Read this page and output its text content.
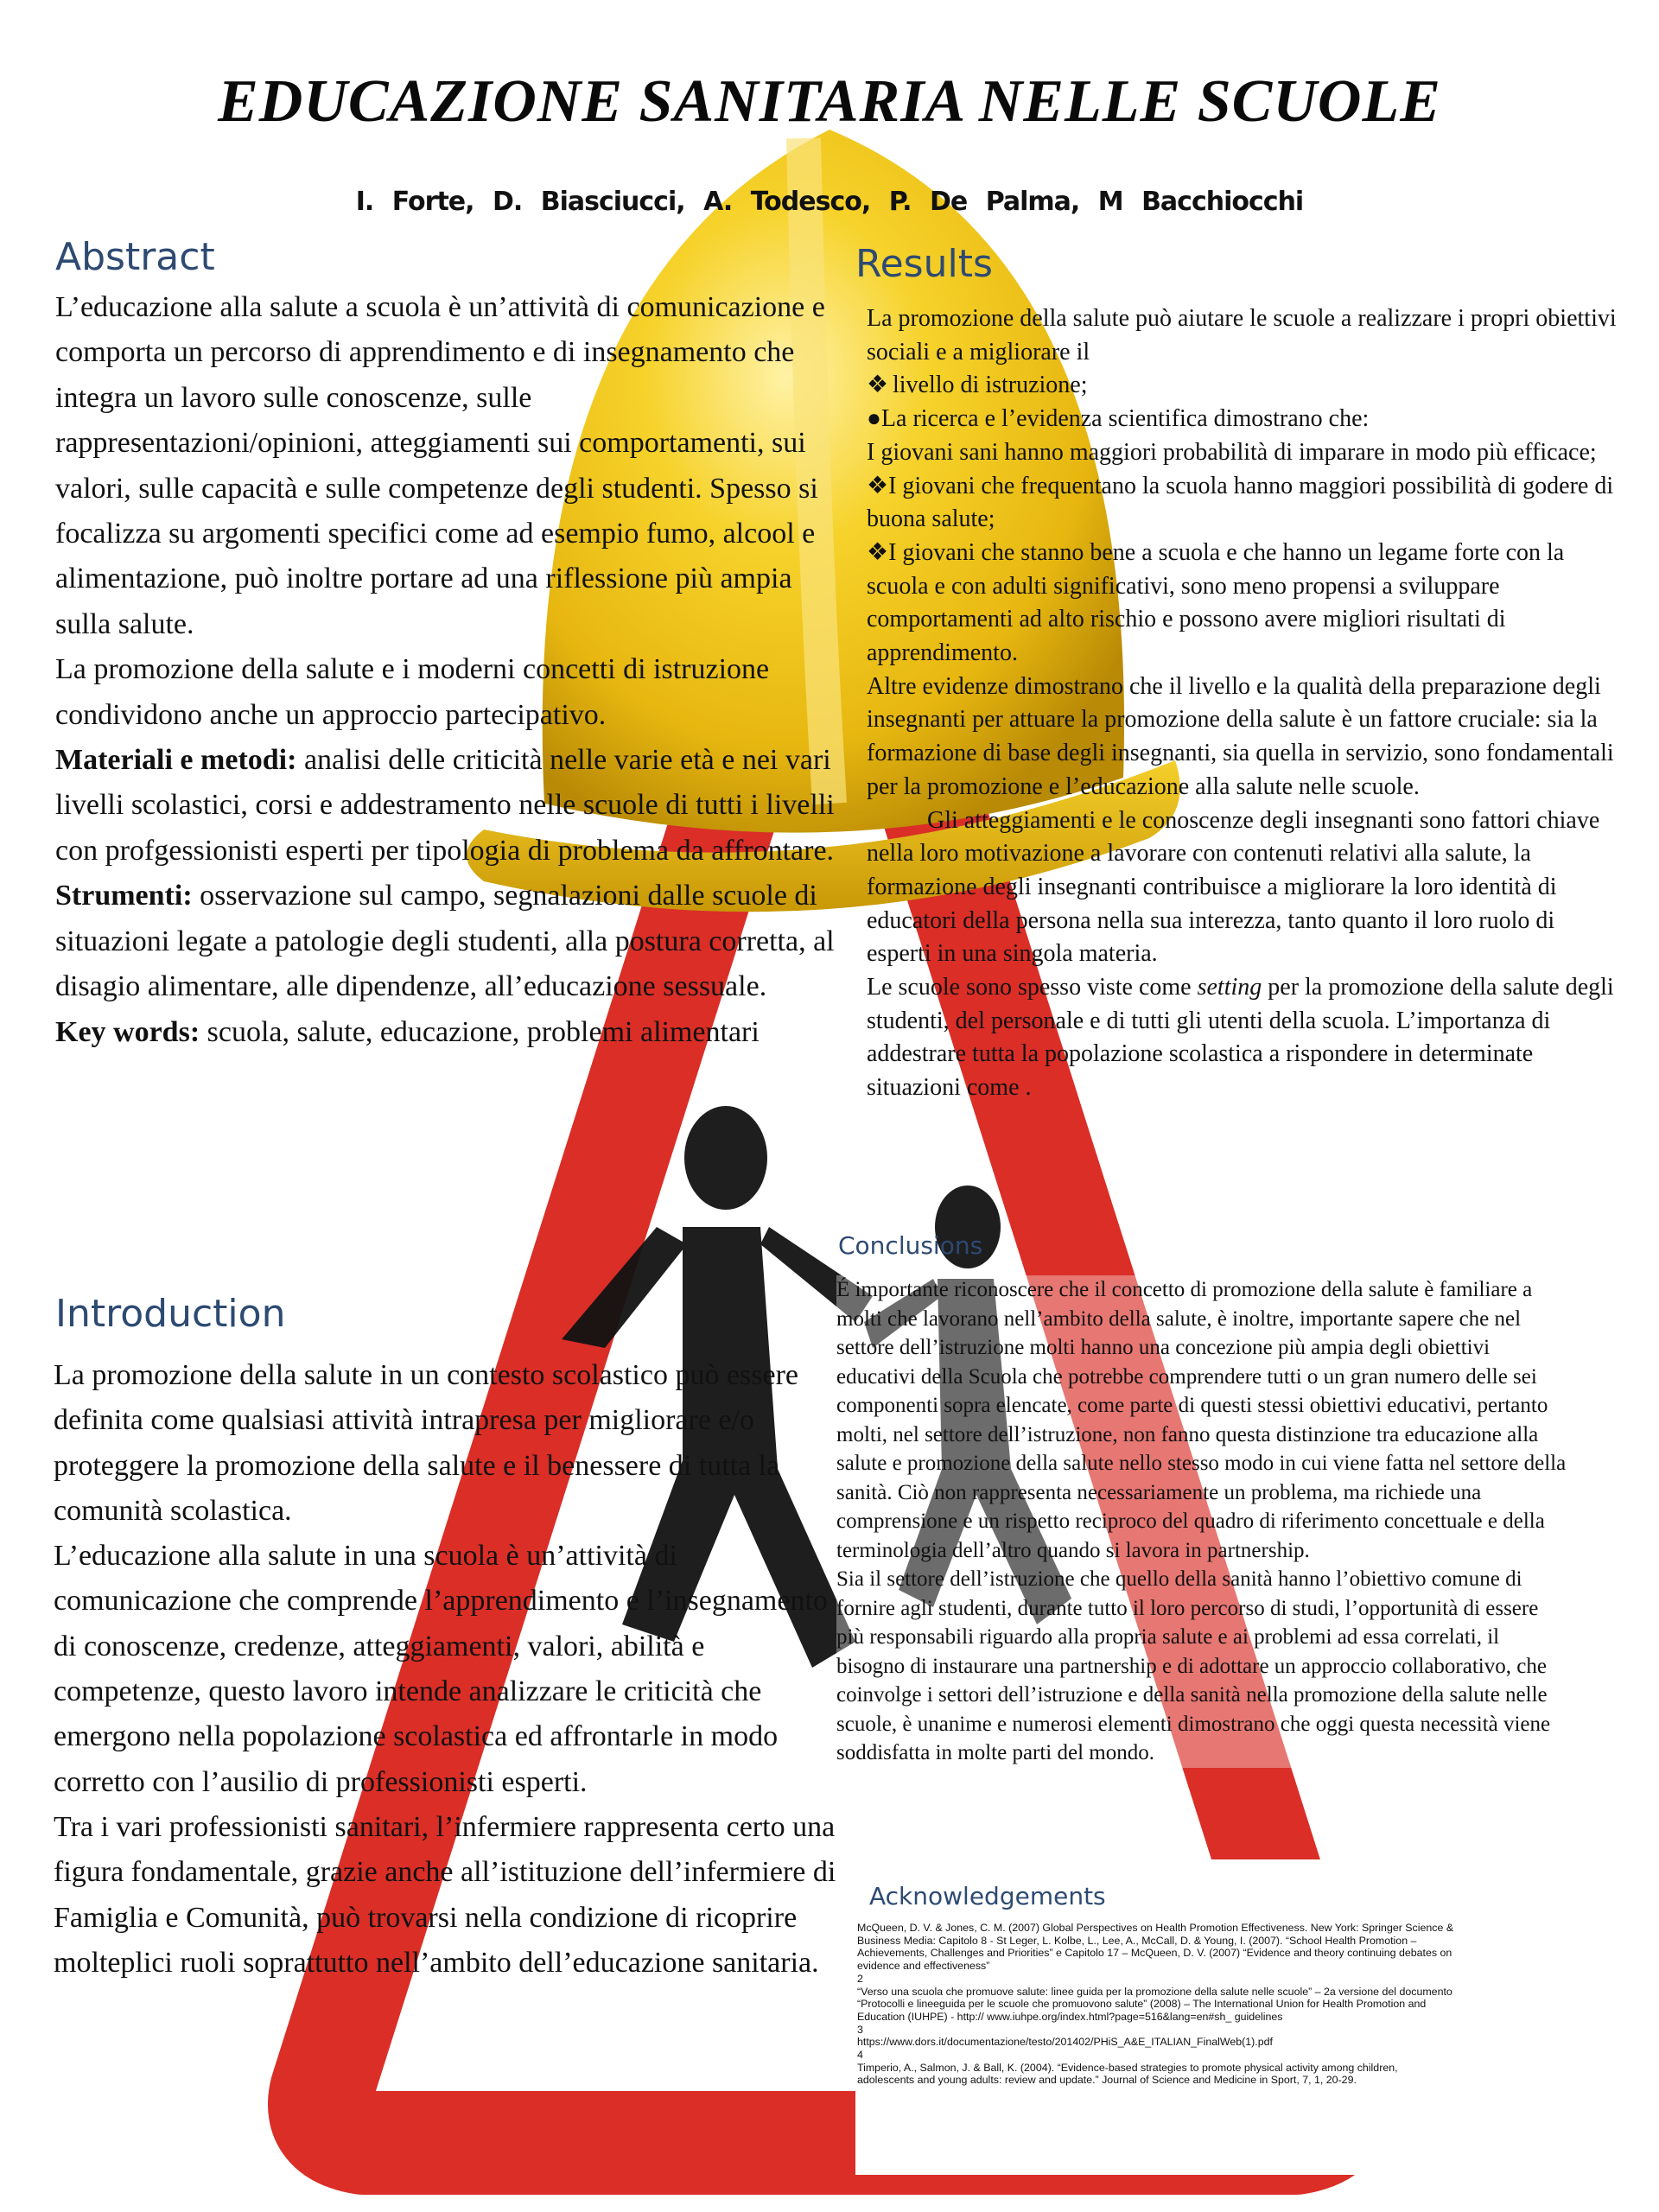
EDUCAZIONE SANITARIA NELLE SCUOLE
I. Forte, D. Biasciucci, A. Todesco, P. De Palma, M Bacchiocchi
Abstract

L’educazione alla salute a scuola è un’attività di comunicazione e comporta un percorso di apprendimento e di insegnamento che integra un lavoro sulle conoscenze, sulle rappresentazioni/opinioni, atteggiamenti sui comportamenti, sui valori, sulle capacità e sulle competenze degli studenti. Spesso si focalizza su argomenti specifici come ad esempio fumo, alcool e alimentazione, può inoltre portare ad una riflessione più ampia sulla salute.

La promozione della salute e i moderni concetti di istruzione condividono anche un approccio partecipativo.

Materiali e metodi: analisi delle criticità nelle varie età e nei vari livelli scolastici, corsi e addestramento nelle scuole di tutti i livelli con profgessionisti esperti per tipologia di problema da affrontare.

Strumenti: osservazione sul campo, segnalazioni dalle scuole di situazioni legate a patologie degli studenti, alla postura corretta, al disagio alimentare, alle dipendenze, all’educazione sessuale.

Key words: scuola, salute, educazione, problemi alimentari

Introduction

La promozione della salute in un contesto scolastico può essere definita come qualsiasi attività intrapresa per migliorare e/o proteggere la promozione della salute e il benessere di tutta la comunità scolastica.

L’educazione alla salute in una scuola è un’attività di comunicazione che comprende l’apprendimento e l’insegnamento di conoscenze, credenze, atteggiamenti, valori, abilità e competenze, questo lavoro intende analizzare le criticità che emergono nella popolazione scolastica ed affrontarle in modo corretto con l’ausilio di professionisti esperti.

Tra i vari professionisti sanitari, l’infermiere rappresenta certo una figura fondamentale, grazie anche all’istituzione dell’infermiere di Famiglia e Comunità, può trovarsi nella condizione di ricoprire molteplici ruoli soprattutto nell’ambito dell’educazione sanitaria.

Results

La promozione della salute può aiutare le scuole a realizzare i propri obiettivi sociali e a migliorare il

❖ livello di istruzione;

●La ricerca e l’evidenza scientifica dimostrano che:

I giovani sani hanno maggiori probabilità di imparare in modo più efficace;

❖I giovani che frequentano la scuola hanno maggiori possibilità di godere di buona salute;

❖I giovani che stanno bene a scuola e che hanno un legame forte con la scuola e con adulti significativi, sono meno propensi a sviluppare comportamenti ad alto rischio e possono avere migliori risultati di apprendimento.

Altre evidenze dimostrano che il livello e la qualità della preparazione degli insegnanti per attuare la promozione della salute è un fattore cruciale: sia la formazione di base degli insegnanti, sia quella in servizio, sono fondamentali per la promozione e l’educazione alla salute nelle scuole.

Gli atteggiamenti e le conoscenze degli insegnanti sono fattori chiave nella loro motivazione a lavorare con contenuti relativi alla salute, la formazione degli insegnanti contribuisce a migliorare la loro identità di educatori della persona nella sua interezza, tanto quanto il loro ruolo di esperti in una singola materia.

Le scuole sono spesso viste come setting per la promozione della salute degli studenti, del personale e di tutti gli utenti della scuola. L’importanza di addestrare tutta la popolazione scolastica a rispondere in determinate situazioni come .

Conclusions

É importante riconoscere che il concetto di promozione della salute è familiare a molti che lavorano nell’ambito della salute, è inoltre, importante sapere che nel settore dell’istruzione molti hanno una concezione più ampia degli obiettivi educativi della Scuola che potrebbe comprendere tutti o un gran numero delle sei componenti sopra elencate, come parte di questi stessi obiettivi educativi, pertanto molti, nel settore dell’istruzione, non fanno questa distinzione tra educazione alla salute e promozione della salute nello stesso modo in cui viene fatta nel settore della sanità. Ciò non rappresenta necessariamente un problema, ma richiede una comprensione e un rispetto reciproco del quadro di riferimento concettuale e della terminologia dell’altro quando si lavora in partnership.

Sia il settore dell’istruzione che quello della sanità hanno l’obiettivo comune di fornire agli studenti, durante tutto il loro percorso di studi, l’opportunità di essere più responsabili riguardo alla propria salute e ai problemi ad essa correlati, il bisogno di instaurare una partnership e di adottare un approccio collaborativo, che coinvolge i settori dell’istruzione e della sanità nella promozione della salute nelle scuole, è unanime e numerosi elementi dimostrano che oggi questa necessità viene soddisfatta in molte parti del mondo.

Acknowledgements

McQueen, D. V. & Jones, C. M. (2007) Global Perspectives on Health Promotion Effectiveness. New York: Springer Science & Business Media: Capitolo 8 - St Leger, L. Kolbe, L., Lee, A., McCall, D. & Young, I. (2007). “School Health Promotion – Achievements, Challenges and Priorities” e Capitolo 17 – McQueen, D. V. (2007) “Evidence and theory continuing debates on evidence and effectiveness”

2

“Verso una scuola che promuove salute: linee guida per la promozione della salute nelle scuole” – 2a versione del documento “Protocolli e lineeguida per le scuole che promuovono salute” (2008) – The International Union for Health Promotion and Education (IUHPE) - http:// www.iuhpe.org/index.html?page=516&lang=en#sh_ guidelines

3

https://www.dors.it/documentazione/testo/201402/PHiS_A&E_ITALIAN_FinalWeb(1).pdf

4

Timperio, A., Salmon, J. & Ball, K. (2004). “Evidence-based strategies to promote physical activity among children, adolescents and young adults: review and update.” Journal of Science and Medicine in Sport, 7, 1, 20-29.
